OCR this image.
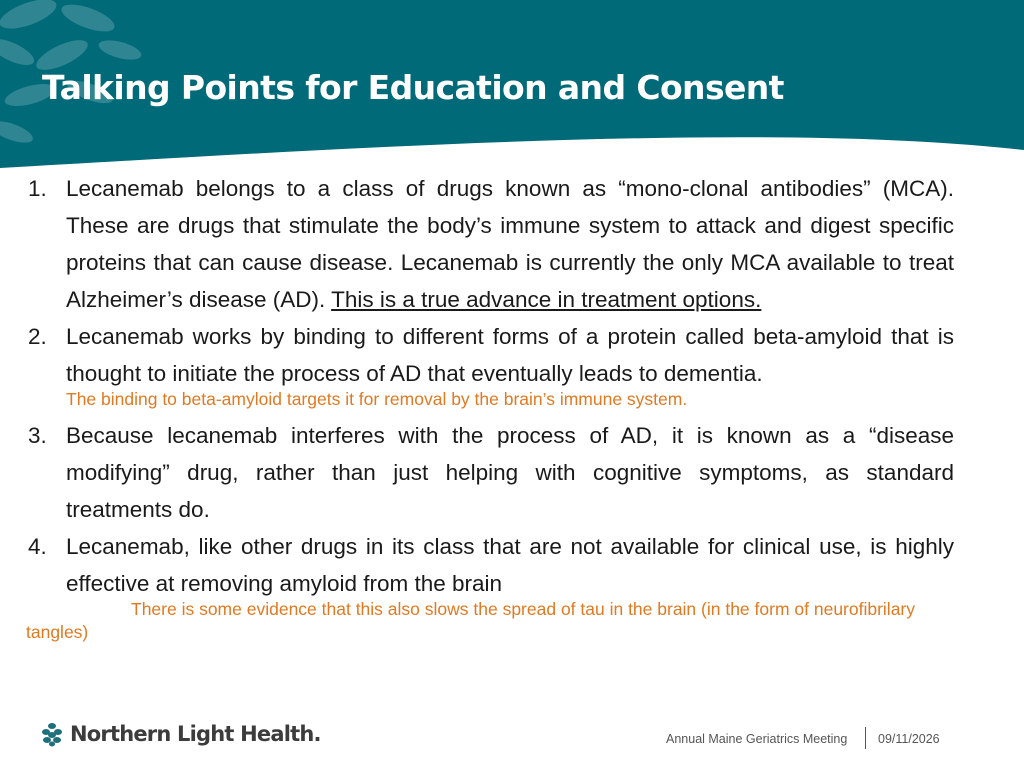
Talking Points for Education and Consent
1. Lecanemab belongs to a class of drugs known as “mono-clonal antibodies” (MCA). These are drugs that stimulate the body’s immune system to attack and digest specific proteins that can cause disease. Lecanemab is currently the only MCA available to treat Alzheimer’s disease (AD). This is a true advance in treatment options.
2. Lecanemab works by binding to different forms of a protein called beta-amyloid that is thought to initiate the process of AD that eventually leads to dementia.
The binding to beta-amyloid targets it for removal by the brain’s immune system.
3. Because lecanemab interferes with the process of AD, it is known as a “disease modifying” drug, rather than just helping with cognitive symptoms, as standard treatments do.
4. Lecanemab, like other drugs in its class that are not available for clinical use, is highly effective at removing amyloid from the brain
There is some evidence that this also slows the spread of tau in the brain (in the form of neurofibrilary tangles)
Northern Light Health.	Annual Maine Geriatrics Meeting 09/11/2026
